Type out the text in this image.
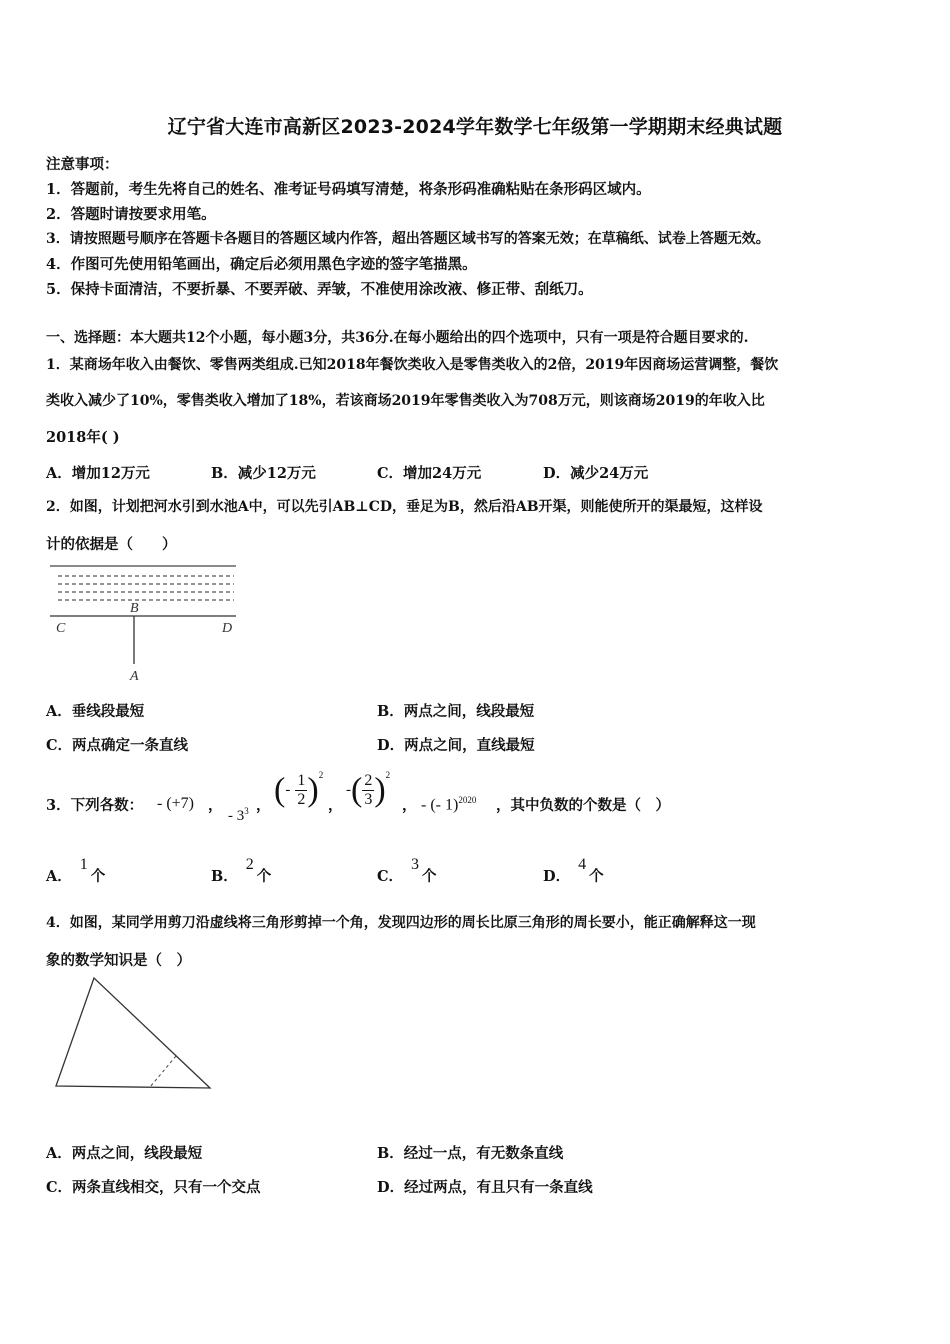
辽宁省大连市高新区2023-2024学年数学七年级第一学期期末经典试题
注意事项：
1．答题前，考生先将自己的姓名、准考证号码填写清楚，将条形码准确粘贴在条形码区域内。
2．答题时请按要求用笔。
3．请按照题号顺序在答题卡各题目的答题区域内作答，超出答题区域书写的答案无效；在草稿纸、试卷上答题无效。
4．作图可先使用铅笔画出，确定后必须用黑色字迹的签字笔描黑。
5．保持卡面清洁，不要折暴、不要弄破、弄皱，不准使用涂改液、修正带、刮纸刀。
一、选择题：本大题共12个小题，每小题3分，共36分.在每小题给出的四个选项中，只有一项是符合题目要求的.
1．某商场年收入由餐饮、零售两类组成.已知2018年餐饮类收入是零售类收入的2倍，2019年因商场运营调整，餐饮
类收入减少了10%，零售类收入增加了18%，若该商场2019年零售类收入为708万元，则该商场2019的年收入比
2018年( )
A．增加12万元	B．减少12万元	C．增加24万元	D．减少24万元
2．如图，计划把河水引到水池A中，可以先引AB⊥CD，垂足为B，然后沿AB开渠，则能使所开的渠最短，这样设
计的依据是（　　）
B
C	D
A
A．垂线段最短	B．两点之间，线段最短
C．两点确定一条直线	D．两点之间，直线最短
3．下列各数： - (+7) ，
- $3^3$ ， (- $\frac{1}{2} )^2$
，
-( $\frac{2}{3} )^2$
， - (- 1)$^{2020}$ ，其中负数的个数是（　）
A．1个	B．2个	C．3个	D．4个
4．如图，某同学用剪刀沿虚线将三角形剪掉一个角，发现四边形的周长比原三角形的周长要小，能正确解释这一现
象的数学知识是（　）
A．两点之间，线段最短	B．经过一点，有无数条直线
C．两条直线相交，只有一个交点	D．经过两点，有且只有一条直线
